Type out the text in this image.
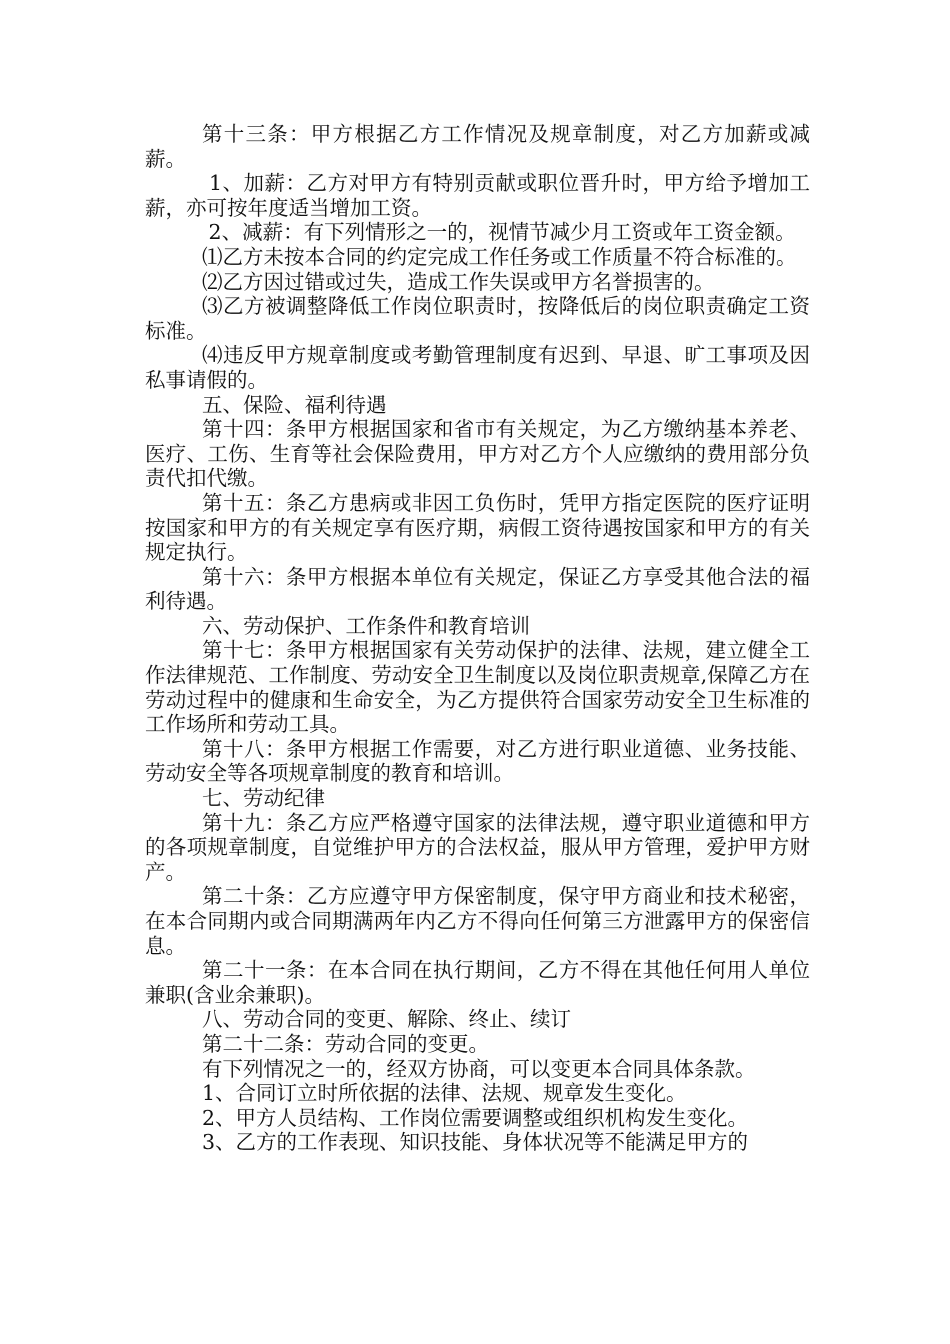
第十三条：甲方根据乙方工作情况及规章制度，对乙方加薪或减薪。

1、加薪：乙方对甲方有特别贡献或职位晋升时，甲方给予增加工薪，亦可按年度适当增加工资。

2、减薪：有下列情形之一的，视情节减少月工资或年工资金额。

⑴乙方未按本合同的约定完成工作任务或工作质量不符合标准的。

⑵乙方因过错或过失，造成工作失误或甲方名誉损害的。

⑶乙方被调整降低工作岗位职责时，按降低后的岗位职责确定工资标准。

⑷违反甲方规章制度或考勤管理制度有迟到、早退、旷工事项及因私事请假的。

五、保险、福利待遇

第十四：条甲方根据国家和省市有关规定，为乙方缴纳基本养老、医疗、工伤、生育等社会保险费用，甲方对乙方个人应缴纳的费用部分负责代扣代缴。

第十五：条乙方患病或非因工负伤时，凭甲方指定医院的医疗证明按国家和甲方的有关规定享有医疗期，病假工资待遇按国家和甲方的有关规定执行。

第十六：条甲方根据本单位有关规定，保证乙方享受其他合法的福利待遇。

六、劳动保护、工作条件和教育培训

第十七：条甲方根据国家有关劳动保护的法律、法规，建立健全工作法律规范、工作制度、劳动安全卫生制度以及岗位职责规章,保障乙方在劳动过程中的健康和生命安全，为乙方提供符合国家劳动安全卫生标准的工作场所和劳动工具。

第十八：条甲方根据工作需要，对乙方进行职业道德、业务技能、劳动安全等各项规章制度的教育和培训。

七、劳动纪律

第十九：条乙方应严格遵守国家的法律法规，遵守职业道德和甲方的各项规章制度，自觉维护甲方的合法权益，服从甲方管理，爱护甲方财产。

第二十条：乙方应遵守甲方保密制度，保守甲方商业和技术秘密，在本合同期内或合同期满两年内乙方不得向任何第三方泄露甲方的保密信息。

第二十一条：在本合同在执行期间，乙方不得在其他任何用人单位兼职(含业余兼职)。

八、劳动合同的变更、解除、终止、续订

第二十二条：劳动合同的变更。

有下列情况之一的，经双方协商，可以变更本合同具体条款。

1、合同订立时所依据的法律、法规、规章发生变化。

2、甲方人员结构、工作岗位需要调整或组织机构发生变化。

3、乙方的工作表现、知识技能、身体状况等不能满足甲方的
